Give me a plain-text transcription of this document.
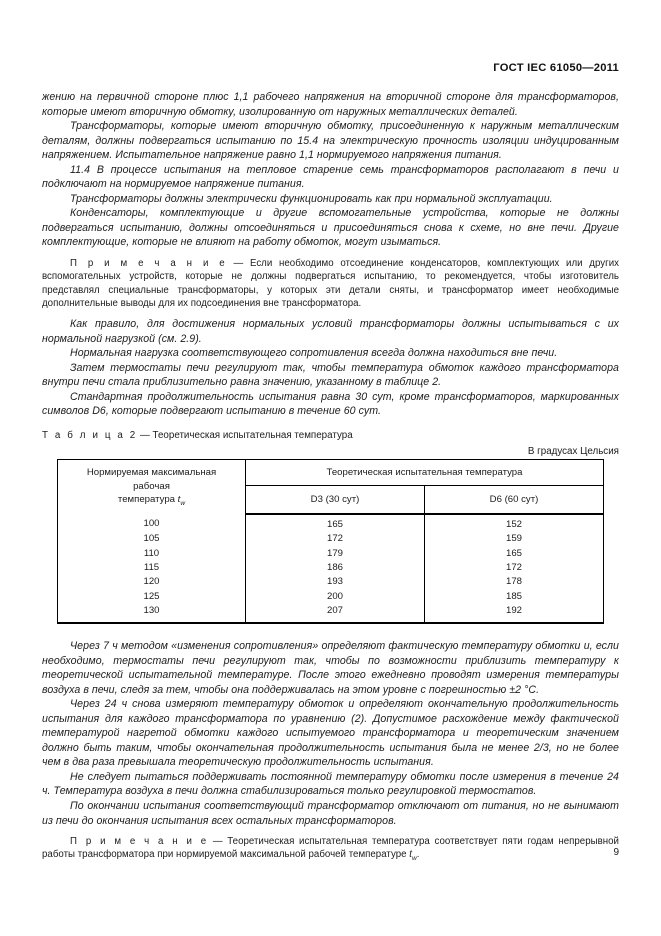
ГОСТ IEC 61050—2011

жению на первичной стороне плюс 1,1 рабочего напряжения на вторичной стороне для трансформаторов, которые имеют вторичную обмотку, изолированную от наружных металлических деталей.

Трансформаторы, которые имеют вторичную обмотку, присоединенную к наружным металлическим деталям, должны подвергаться испытанию по 15.4 на электрическую прочность изоляции индуцированным напряжением. Испытательное напряжение равно 1,1 нормируемого напряжения питания.

11.4 В процессе испытания на тепловое старение семь трансформаторов располагают в печи и подключают на нормируемое напряжение питания.

Трансформаторы должны электрически функционировать как при нормальной эксплуатации.

Конденсаторы, комплектующие и другие вспомогательные устройства, которые не должны подвергаться испытанию, должны отсоединяться и присоединяться снова к схеме, но вне печи. Другие комплектующие, которые не влияют на работу обмоток, могут изыматься.

П р и м е ч а н и е — Если необходимо отсоединение конденсаторов, комплектующих или других вспомогательных устройств, которые не должны подвергаться испытанию, то рекомендуется, чтобы изготовитель представлял специальные трансформаторы, у которых эти детали сняты, и трансформатор имеет необходимые дополнительные выводы для их подсоединения вне трансформатора.

Как правило, для достижения нормальных условий трансформаторы должны испытываться с их нормальной нагрузкой (см. 2.9).

Нормальная нагрузка соответствующего сопротивления всегда должна находиться вне печи.

Затем термостаты печи регулируют так, чтобы температура обмоток каждого трансформатора внутри печи стала приблизительно равна значению, указанному в таблице 2.

Стандартная продолжительность испытания равна 30 сут, кроме трансформаторов, маркированных символов D6, которые подвергают испытанию в течение 60 сут.

Т а б л и ц а 2 — Теоретическая испытательная температура
В градусах Цельсия
Нормируемая максимальная рабочая
температура $t_w$	Теоретическая испытательная температура	
	D3 (30 сут)	D6 (60 сут)
100	165	152
105	172	159
110	179	165
115	186	172
120	193	178
125	200	185
130	207	192

Через 7 ч методом «изменения сопротивления» определяют фактическую температуру обмотки и, если необходимо, термостаты печи регулируют так, чтобы по возможности приблизить температуру к теоретической испытательной температуре. После этого ежедневно проводят измерения температуры воздуха в печи, следя за тем, чтобы она поддерживалась на этом уровне с погрешностью ±2 °С.

Через 24 ч снова измеряют температуру обмоток и определяют окончательную продолжительность испытания для каждого трансформатора по уравнению (2). Допустимое расхождение между фактической температурой нагретой обмотки каждого испытуемого трансформатора и теоретическим значением должно быть таким, чтобы окончательная продолжительность испытания была не менее 2/3, но не более чем в два раза превышала теоретическую продолжительность испытания.

Не следует пытаться поддерживать постоянной температуру обмотки после измерения в течение 24 ч. Температура воздуха в печи должна стабилизироваться только регулировкой термостатов.

По окончании испытания соответствующий трансформатор отключают от питания, но не вынимают из печи до окончания испытания всех остальных трансформаторов.

П р и м е ч а н и е — Теоретическая испытательная температура соответствует пяти годам непрерывной работы трансформатора при нормируемой максимальной рабочей температуре $t_w$.	9
